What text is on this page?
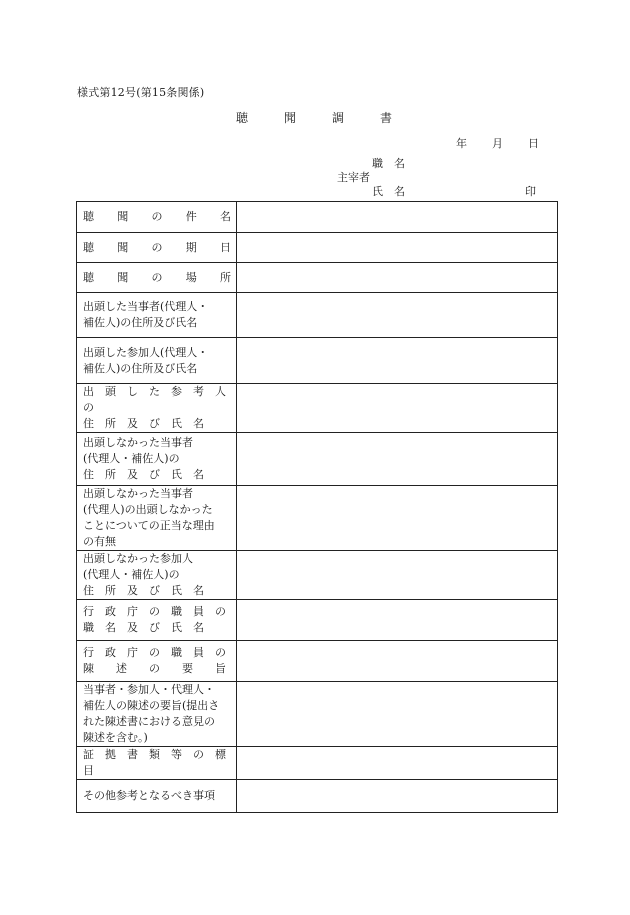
様式第12号(第15条関係)
聴	聞	調	書
年	月	日
職　名
主宰者
氏　名	印
聴　聞　の　件　名	

聴　聞　の　期　日	

聴　聞　の　場　所	

出頭した当事者(代理人・
補佐人)の住所及び氏名	

出頭した参加人(代理人・
補佐人)の住所及び氏名	

出　頭　し　た　参　考　人　の
住　所　及　び　氏　名	

出頭しなかった当事者
(代理人・補佐人)の
住　所　及　び　氏　名	

出頭しなかった当事者
(代理人)の出頭しなかった
ことについての正当な理由
の有無	

出頭しなかった参加人
(代理人・補佐人)の
住　所　及　び　氏　名	

行　政　庁　の　職　員　の
職　名　及　び　氏　名	

行　政　庁　の　職　員　の
陳　　述　　の　　要　　旨	

当事者・参加人・代理人・
補佐人の陳述の要旨(提出さ
れた陳述書における意見の
陳述を含む。)	

証　拠　書　類　等　の　標　目	

その他参考となるべき事項	
